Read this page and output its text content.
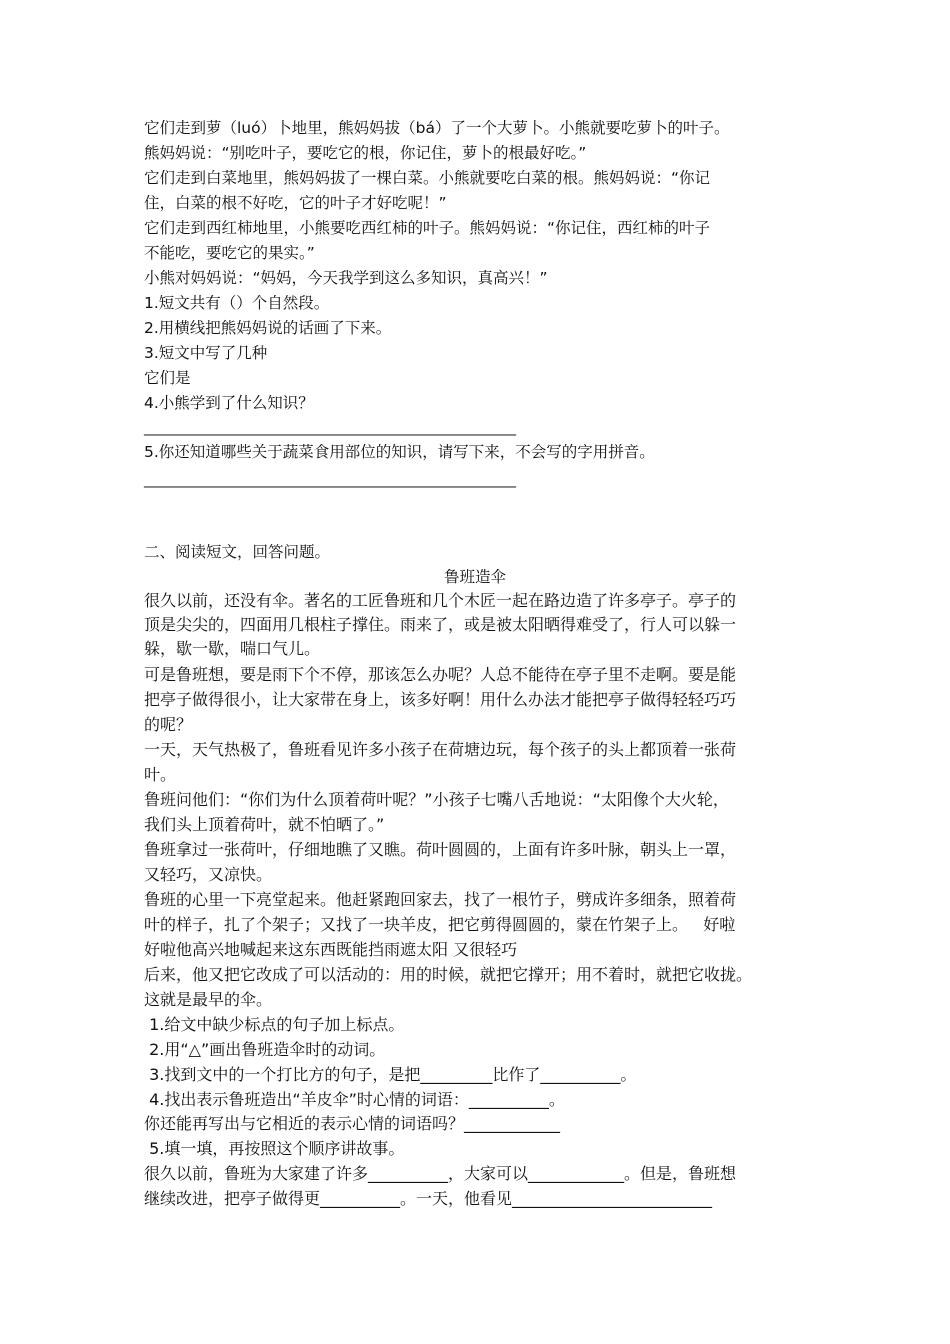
它们走到萝（luó）卜地里，熊妈妈拔（bá）了一个大萝卜。小熊就要吃萝卜的叶子。
熊妈妈说：“别吃叶子，要吃它的根，你记住，萝卜的根最好吃。”
它们走到白菜地里，熊妈妈拔了一棵白菜。小熊就要吃白菜的根。熊妈妈说：“你记
住，白菜的根不好吃，它的叶子才好吃呢！”
它们走到西红柿地里，小熊要吃西红柿的叶子。熊妈妈说：“你记住，西红柿的叶子
不能吃，要吃它的果实。”
小熊对妈妈说：“妈妈，今天我学到这么多知识，真高兴！”
1.短文共有（）个自然段。
2.用横线把熊妈妈说的话画了下来。
3.短文中写了几种
它们是
4.小熊学到了什么知识？
________________________________________________
5.你还知道哪些关于蔬菜食用部位的知识，请写下来，不会写的字用拼音。
________________________________________________
二、阅读短文，回答问题。
鲁班造伞
很久以前，还没有伞。著名的工匠鲁班和几个木匠一起在路边造了许多亭子。亭子的
顶是尖尖的，四面用几根柱子撑住。雨来了，或是被太阳晒得难受了，行人可以躲一
躲，歇一歇，喘口气儿。
可是鲁班想，要是雨下个不停，那该怎么办呢？人总不能待在亭子里不走啊。要是能
把亭子做得很小，让大家带在身上，该多好啊！用什么办法才能把亭子做得轻轻巧巧
的呢？
一天，天气热极了，鲁班看见许多小孩子在荷塘边玩，每个孩子的头上都顶着一张荷
叶。
鲁班问他们：“你们为什么顶着荷叶呢？”小孩子七嘴八舌地说：“太阳像个大火轮，
我们头上顶着荷叶，就不怕晒了。”
鲁班拿过一张荷叶，仔细地瞧了又瞧。荷叶圆圆的，上面有许多叶脉，朝头上一罩，
又轻巧，又凉快。
鲁班的心里一下亮堂起来。他赶紧跑回家去，找了一根竹子，劈成许多细条，照着荷
叶的样子，扎了个架子；又找了一块羊皮，把它剪得圆圆的，蒙在竹架子上。   好啦
好啦他高兴地喊起来这东西既能挡雨遮太阳 又很轻巧
后来，他又把它改成了可以活动的：用的时候，就把它撑开；用不着时，就把它收拢。
这就是最早的伞。
1.给文中缺少标点的句子加上标点。
2.用“△”画出鲁班造伞时的动词。
3.找到文中的一个打比方的句子，是把_________比作了__________。
4.找出表示鲁班造出“羊皮伞”时心情的词语：__________。
你还能再写出与它相近的表示心情的词语吗？____________
5.填一填，再按照这个顺序讲故事。
很久以前，鲁班为大家建了许多__________，大家可以____________。但是，鲁班想
继续改进，把亭子做得更__________。一天，他看见_________________________
